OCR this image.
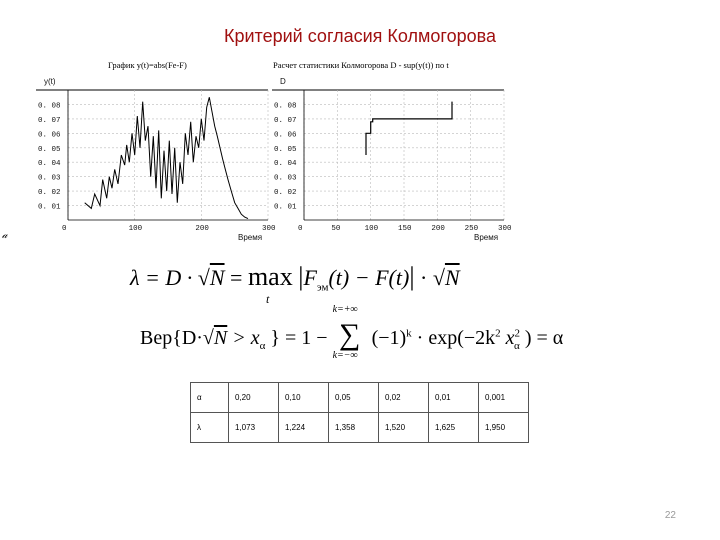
Критерий согласия Колмогорова
График y(t)=abs(Fe-F)
y(t)
0. 01
0. 02
0. 03
0. 04
0. 05
0. 06
0. 07
0. 08
0	100	200	300
Время
Расчет статистики Колмогорова D - sup(y(t)) по t
D
0. 01
0. 02
0. 03
0. 04
0. 05
0. 06
0. 07
0. 08
0	50	100	150	200	250	300
Время
𝒶
λ = D · √N = max
t
$|F_{эм}(t) - F(t)| \cdot √N$
$Вер\{D\cdot√N > x_\alpha$ } = 1 −
k=+∞
∑
k=−∞
$(-1)^k \cdot \exp(-2k^2$ $x^2_\alpha$ ) = α
α	0,20	0,10	0,05	0,02	0,01	0,001
λ	1,073	1,224	1,358	1,520	1,625	1,950
22
